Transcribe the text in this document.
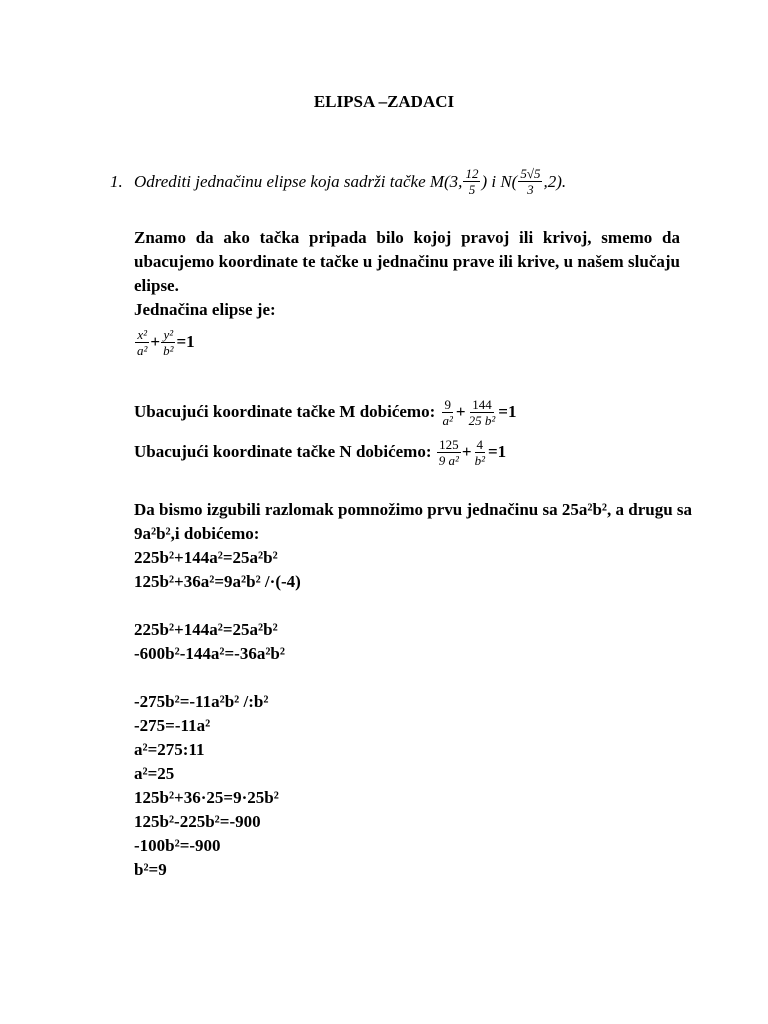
ELIPSA –ZADACI
1. Odrediti jednačinu elipse koja sadrži tačke M(3, $\frac{12}{5}$ ) i $N( \frac{5√5}{3} ,2)$.
Znamo da ako tačka pripada bilo kojoj pravoj ili krivoj, smemo da ubacujemo koordinate te tačke u jednačinu prave ili krive, u našem slučaju elipse.
Jednačina elipse je:
$\frac{\text{x²}}{\text{a²}} + \frac{\text{y²}}{\text{b²}} =1$
Ubacujući koordinate tačke M dobićemo:
$\frac{9}{\text{a²}} + \frac{144}{\text{25 b²}} =1$
Ubacujući koordinate tačke N dobićemo:
$\frac{125}{\text{9 a²}} + \frac{4}{\text{b²}} =1$
Da bismo izgubili razlomak pomnožimo prvu jednačinu sa 25a²b², a drugu sa
9a²b²,i dobićemo:
225b²+144a²=25a²b²
125b²+36a²=9a²b² /·(-4)
225b²+144a²=25a²b²
-600b²-144a²=-36a²b²
-275b²=-11a²b² /:b²
-275=-11a²
a²=275:11
a²=25
125b²+36·25=9·25b²
125b²-225b²=-900
-100b²=-900
b²=9
